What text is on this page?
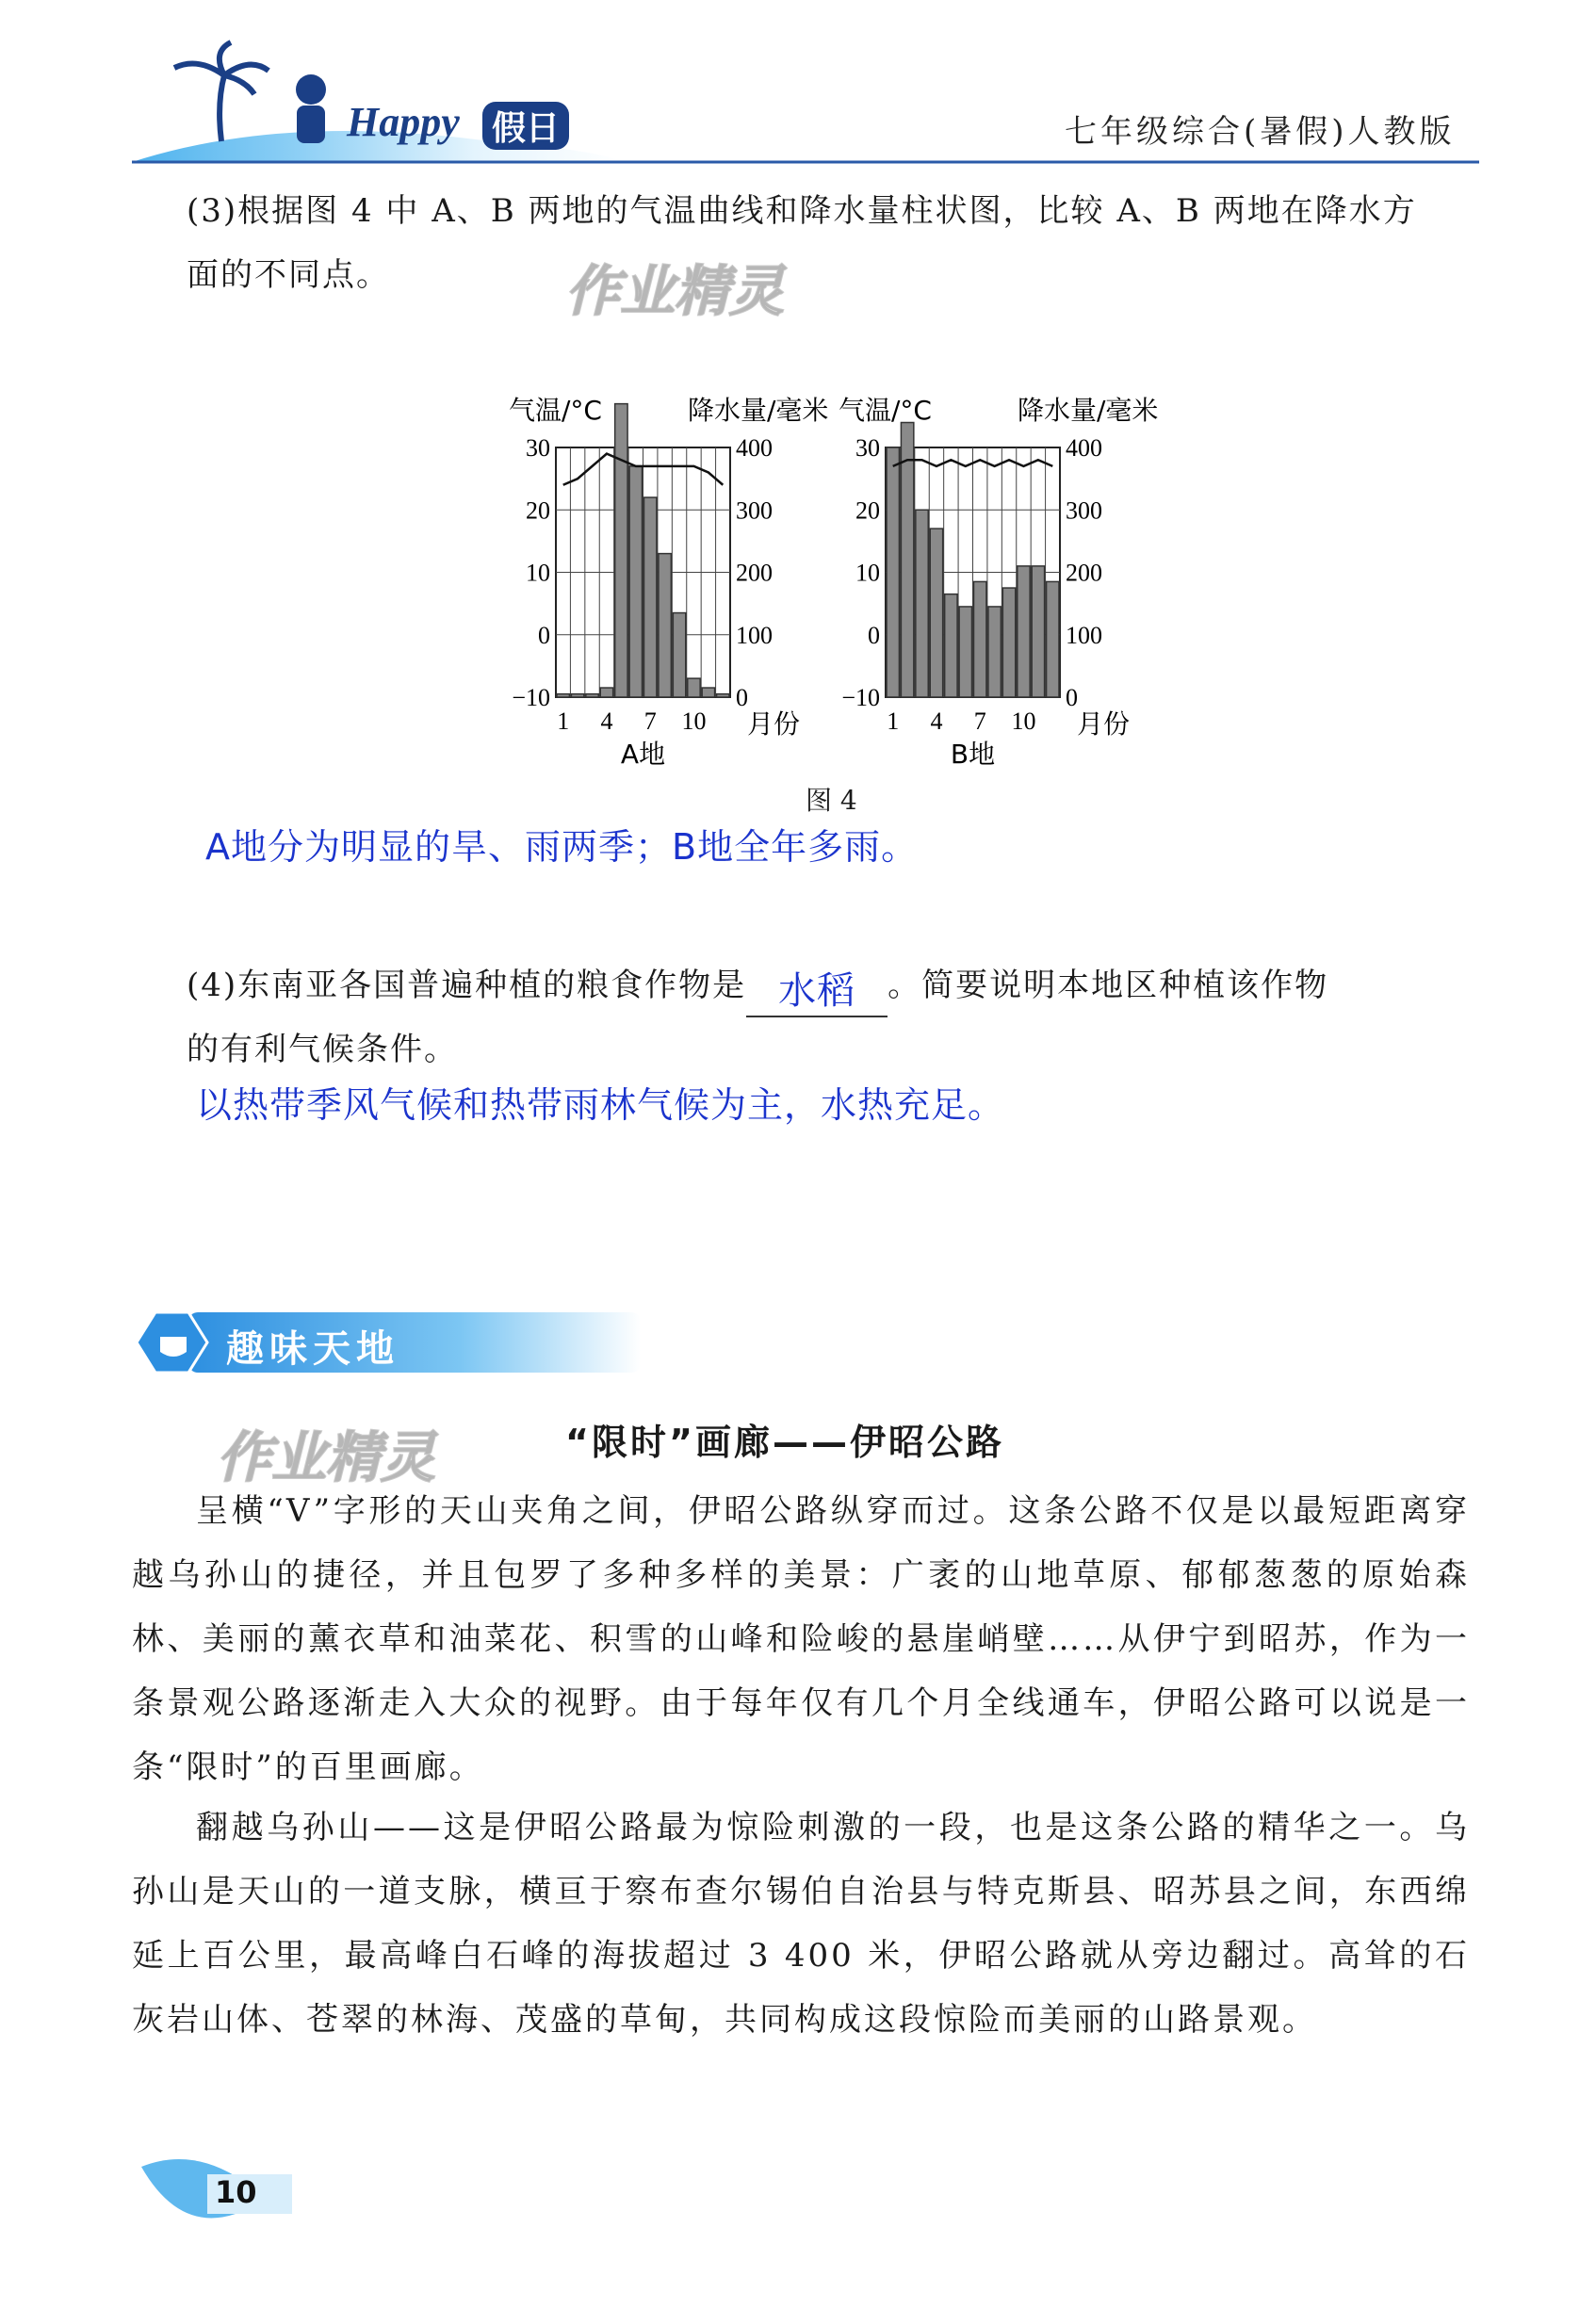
Happy 假日	七年级综合(暑假)人教版
(3)根据图 4 中 A、B 两地的气温曲线和降水量柱状图，比较 A、B 两地在降水方
面的不同点。	作业精灵
30
20
10
0
−10
400
300
200
100
0
1 4 7 10 月份
气温/°C	降水量/毫米
A地
30
20
10
0
−10
400
300
200
100
0
1 4 7 10 月份
气温/°C	降水量/毫米
B地
图 4
A地分为明显的旱、雨两季；B地全年多雨。
(4)东南亚各国普遍种植的粮食作物是 水稻	。简要说明本地区种植该作物
的有利气候条件。
以热带季风气候和热带雨林气候为主，水热充足。
趣味天地
作业精灵	“限时”画廊——伊昭公路
呈横“V”字形的天山夹角之间，伊昭公路纵穿而过。这条公路不仅是以最短距离穿越乌孙山的捷径，并且包罗了多种多样的美景：广袤的山地草原、郁郁葱葱的原始森林、美丽的薰衣草和油菜花、积雪的山峰和险峻的悬崖峭壁……从伊宁到昭苏，作为一条景观公路逐渐走入大众的视野。由于每年仅有几个月全线通车，伊昭公路可以说是一条“限时”的百里画廊。
翻越乌孙山——这是伊昭公路最为惊险刺激的一段，也是这条公路的精华之一。乌孙山是天山的一道支脉，横亘于察布查尔锡伯自治县与特克斯县、昭苏县之间，东西绵延上百公里，最高峰白石峰的海拔超过 3 400 米，伊昭公路就从旁边翻过。高耸的石灰岩山体、苍翠的林海、茂盛的草甸，共同构成这段惊险而美丽的山路景观。
10
